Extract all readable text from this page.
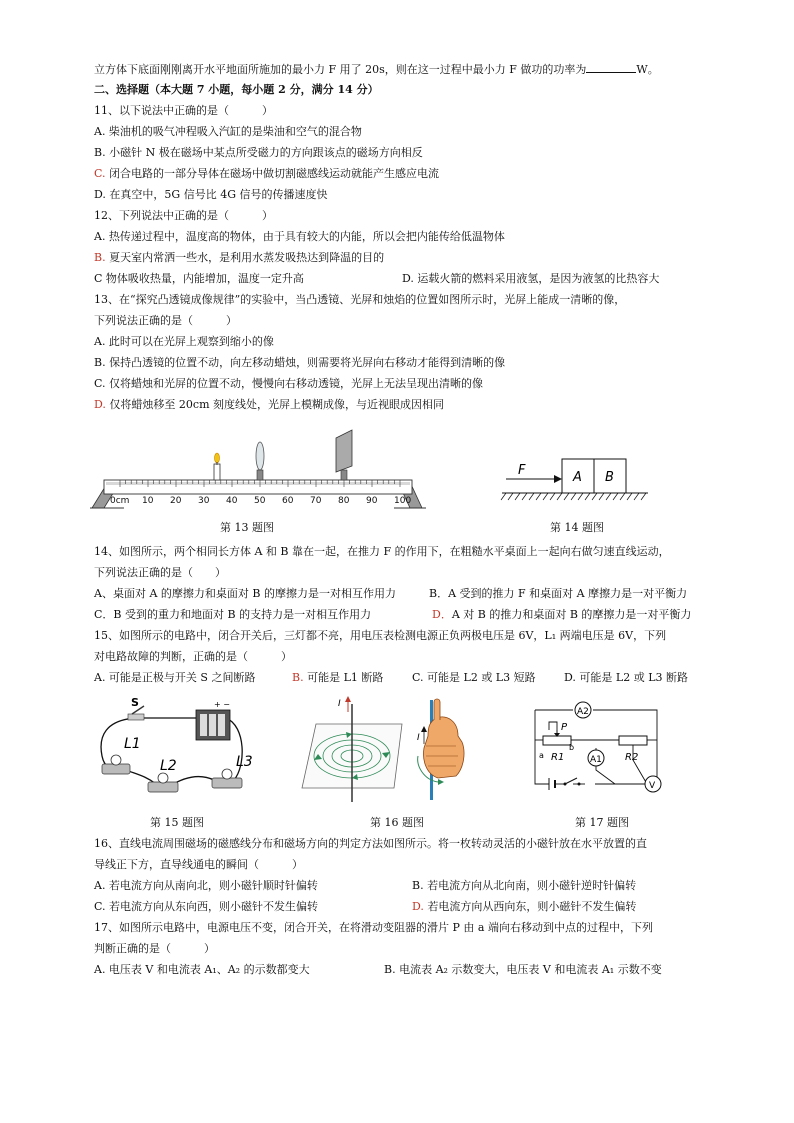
立方体下底面刚刚离开水平地面所施加的最小力 F 用了 20s，则在这一过程中最小力 F 做功的功率为	W。
二、选择题（本大题 7 小题，每小题 2 分，满分 14 分）
11、以下说法中正确的是（　　　）
A. 柴油机的吸气冲程吸入汽缸的是柴油和空气的混合物
B. 小磁针 N 极在磁场中某点所受磁力的方向跟该点的磁场方向相反
C. 闭合电路的一部分导体在磁场中做切割磁感线运动就能产生感应电流
D. 在真空中，5G 信号比 4G 信号的传播速度快
12、下列说法中正确的是（　　　）
A. 热传递过程中，温度高的物体，由于具有较大的内能，所以会把内能传给低温物体
B. 夏天室内常洒一些水，是利用水蒸发吸热达到降温的目的
C 物体吸收热量，内能增加，温度一定升高	D. 运载火箭的燃料采用液氢，是因为液氢的比热容大
13、在“探究凸透镜成像规律”的实验中，当凸透镜、光屏和烛焰的位置如图所示时，光屏上能成一清晰的像，
下列说法正确的是（　　　）
A. 此时可以在光屏上观察到缩小的像
B. 保持凸透镜的位置不动，向左移动蜡烛，则需要将光屏向右移动才能得到清晰的像
C. 仅将蜡烛和光屏的位置不动，慢慢向右移动透镜，光屏上无法呈现出清晰的像
D. 仅将蜡烛移至 20cm 刻度线处，光屏上模糊成像，与近视眼成因相同
0cm 10 20 30 40 50 60 70 80 90 100
第 13 题图
F	A B
第 14 题图
14、如图所示，两个相同长方体 A 和 B 靠在一起，在推力 F 的作用下，在粗糙水平桌面上一起向右做匀速直线运动，
下列说法正确的是（　　）
A、桌面对 A 的摩擦力和桌面对 B 的摩擦力是一对相互作用力	B．A 受到的推力 F 和桌面对 A 摩擦力是一对平衡力
C．B 受到的重力和地面对 B 的支持力是一对相互作用力	D．A 对 B 的推力和桌面对 B 的摩擦力是一对平衡力
15、如图所示的电路中，闭合开关后，三灯都不亮，用电压表检测电源正负两极电压是 6V，L₁ 两端电压是 6V，下列
对电路故障的判断，正确的是（　　　）
A. 可能是正极与开关 S 之间断路	B. 可能是 L1 断路	C. 可能是 L2 或 L3 短路	D. 可能是 L2 或 L3 断路
S	+ −
L1
L2	L3
第 15 题图
I
I
第 16 题图
A2
P
R1
a
b
A1 R2
V
第 17 题图
16、直线电流周围磁场的磁感线分布和磁场方向的判定方法如图所示。将一枚转动灵活的小磁针放在水平放置的直
导线正下方，直导线通电的瞬间（　　　）
A. 若电流方向从南向北，则小磁针顺时针偏转	B. 若电流方向从北向南，则小磁针逆时针偏转
C. 若电流方向从东向西，则小磁针不发生偏转	D. 若电流方向从西向东，则小磁针不发生偏转
17、如图所示电路中，电源电压不变，闭合开关，在将滑动变阻器的滑片 P 由 a 端向右移动到中点的过程中，下列
判断正确的是（　　　）
A. 电压表 V 和电流表 A₁、A₂ 的示数都变大	B. 电流表 A₂ 示数变大，电压表 V 和电流表 A₁ 示数不变
